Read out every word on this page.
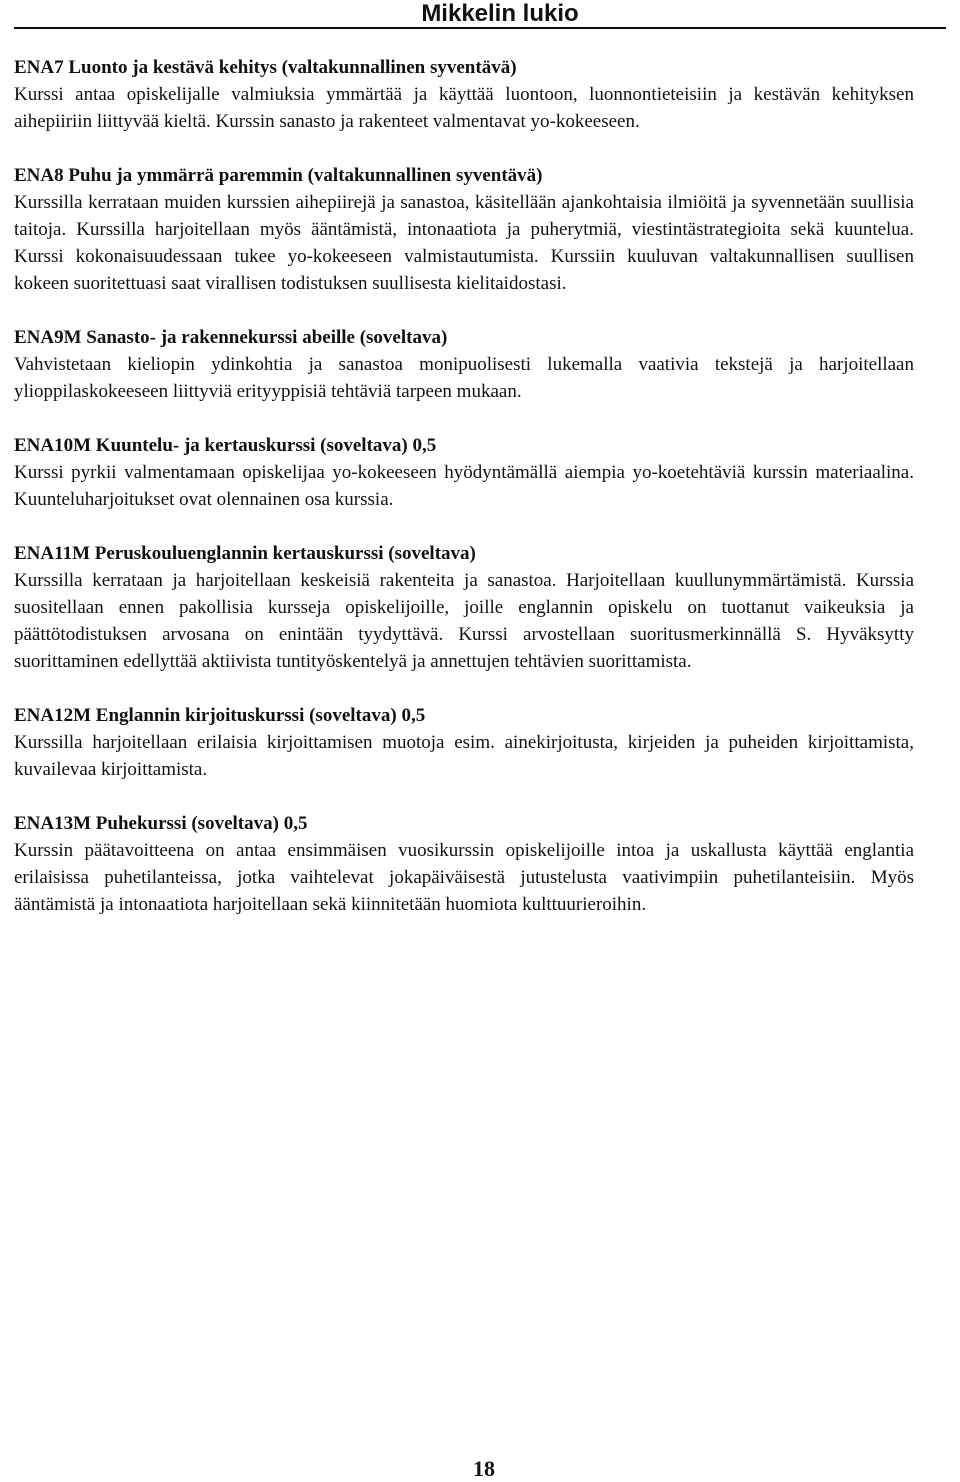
Mikkelin lukio

ENA7 Luonto ja kestävä kehitys (valtakunnallinen syventävä)

Kurssi antaa opiskelijalle valmiuksia ymmärtää ja käyttää luontoon, luonnontieteisiin ja kestävän kehityksen aihepiiriin liittyvää kieltä. Kurssin sanasto ja rakenteet valmentavat yo-kokeeseen.

ENA8 Puhu ja ymmärrä paremmin (valtakunnallinen syventävä)

Kurssilla kerrataan muiden kurssien aihepiirejä ja sanastoa, käsitellään ajankohtaisia ilmiöitä ja syvennetään suullisia taitoja. Kurssilla harjoitellaan myös ääntämistä, intonaatiota ja puherytmiä, viestintästrategioita sekä kuuntelua. Kurssi kokonaisuudessaan tukee yo-kokeeseen valmistautumista. Kurssiin kuuluvan valtakunnallisen suullisen kokeen suoritettuasi saat virallisen todistuksen suullisesta kielitaidostasi.

ENA9M Sanasto- ja rakennekurssi abeille (soveltava)

Vahvistetaan kieliopin ydinkohtia ja sanastoa monipuolisesti lukemalla vaativia tekstejä ja harjoitellaan ylioppilaskokeeseen liittyviä erityyppisiä tehtäviä tarpeen mukaan.

ENA10M Kuuntelu- ja kertauskurssi (soveltava) 0,5

Kurssi pyrkii valmentamaan opiskelijaa yo-kokeeseen hyödyntämällä aiempia yo-koetehtäviä kurssin materiaalina. Kuunteluharjoitukset ovat olennainen osa kurssia.

ENA11M Peruskouluenglannin kertauskurssi (soveltava)

Kurssilla kerrataan ja harjoitellaan keskeisiä rakenteita ja sanastoa. Harjoitellaan kuullunymmärtämistä. Kurssia suositellaan ennen pakollisia kursseja opiskelijoille, joille englannin opiskelu on tuottanut vaikeuksia ja päättötodistuksen arvosana on enintään tyydyttävä. Kurssi arvostellaan suoritusmerkinnällä S. Hyväksytty suorittaminen edellyttää aktiivista tuntityöskentelyä ja annettujen tehtävien suorittamista.

ENA12M Englannin kirjoituskurssi (soveltava) 0,5

Kurssilla harjoitellaan erilaisia kirjoittamisen muotoja esim. ainekirjoitusta, kirjeiden ja puheiden kirjoittamista, kuvailevaa kirjoittamista.

ENA13M Puhekurssi (soveltava) 0,5

Kurssin päätavoitteena on antaa ensimmäisen vuosikurssin opiskelijoille intoa ja uskallusta käyttää englantia erilaisissa puhetilanteissa, jotka vaihtelevat jokapäiväisestä jutustelusta vaativimpiin puhetilanteisiin. Myös ääntämistä ja intonaatiota harjoitellaan sekä kiinnitetään huomiota kulttuurieroihin.

18
